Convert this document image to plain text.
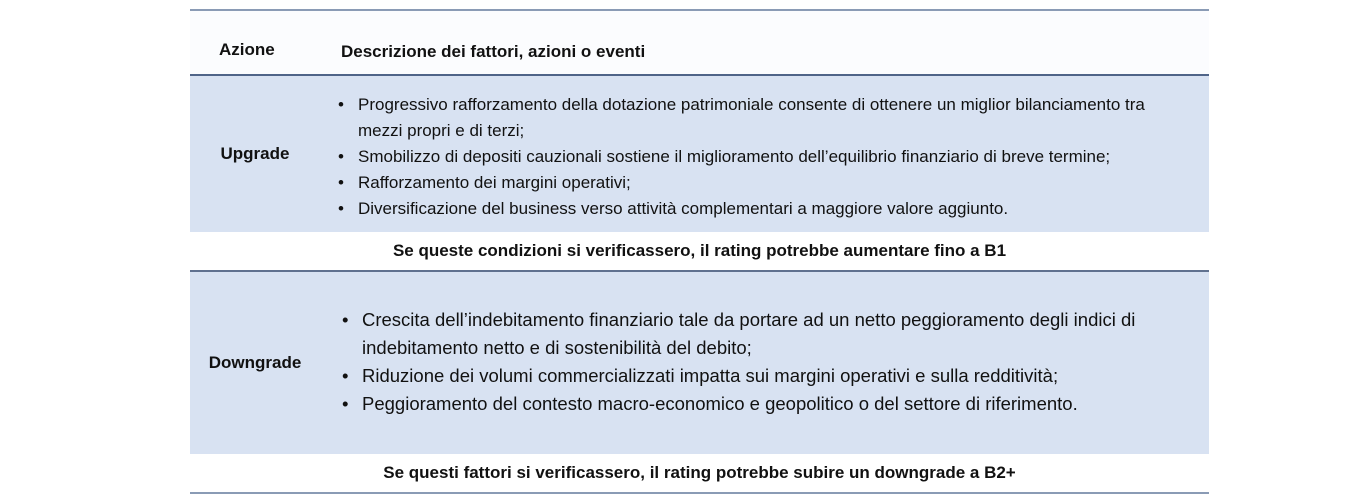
Azione	Descrizione dei fattori, azioni o eventi
Upgrade
• Progressivo rafforzamento della dotazione patrimoniale consente di ottenere un miglior bilanciamento tra mezzi propri e di terzi;
• Smobilizzo di depositi cauzionali sostiene il miglioramento dell’equilibrio finanziario di breve termine;
• Rafforzamento dei margini operativi;
• Diversificazione del business verso attività complementari a maggiore valore aggiunto.
Se queste condizioni si verificassero, il rating potrebbe aumentare fino a B1
Downgrade
• Crescita dell’indebitamento finanziario tale da portare ad un netto peggioramento degli indici di indebitamento netto e di sostenibilità del debito;
• Riduzione dei volumi commercializzati impatta sui margini operativi e sulla redditività;
• Peggioramento del contesto macro-economico e geopolitico o del settore di riferimento.
Se questi fattori si verificassero, il rating potrebbe subire un downgrade a B2+
